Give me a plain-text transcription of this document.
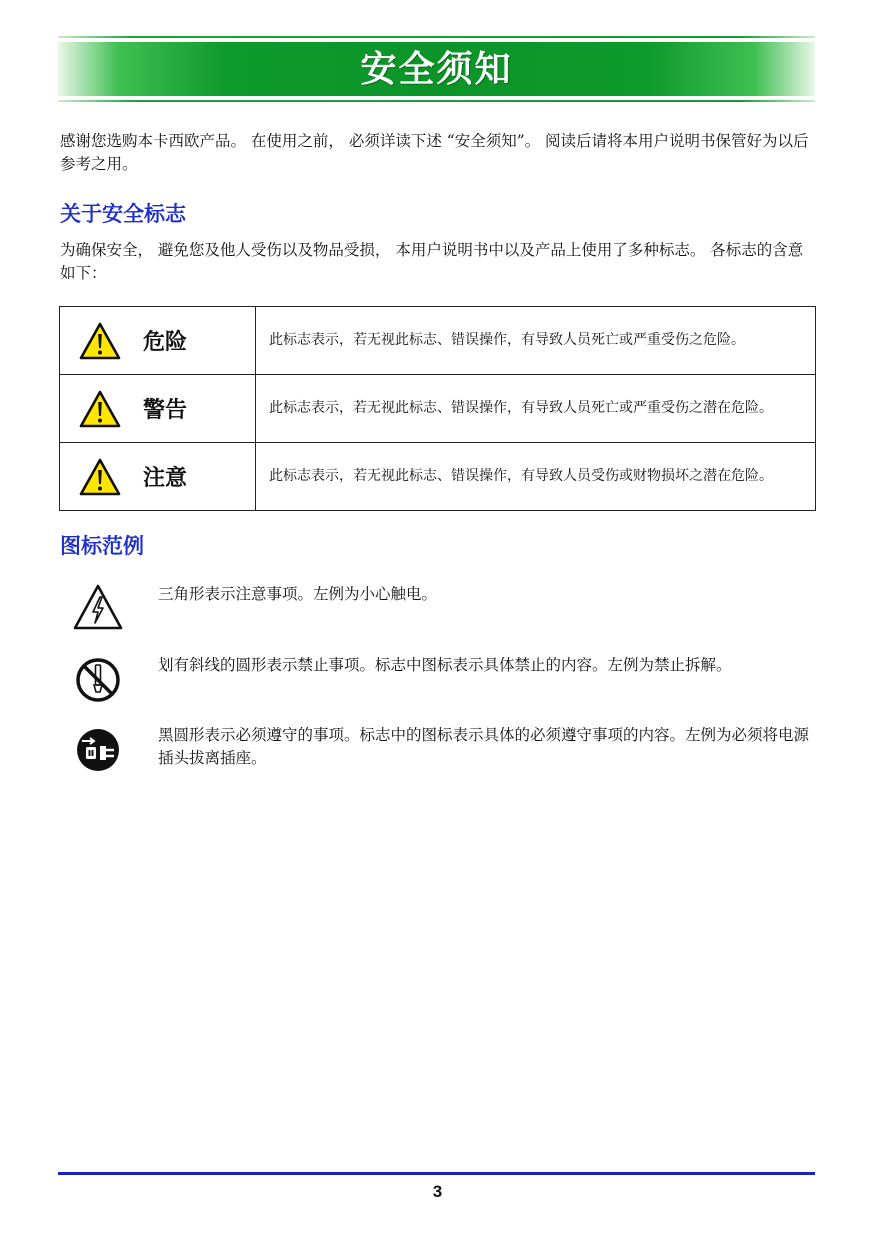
安全须知
感谢您选购本卡西欧产品。 在使用之前， 必须详读下述 “安全须知”。 阅读后请将本用户说明书保管好为以后参考之用。
关于安全标志
为确保安全， 避免您及他人受伤以及物品受损， 本用户说明书中以及产品上使用了多种标志。 各标志的含意如下：
危险	此标志表示，若无视此标志、错误操作，有导致人员死亡或严重受伤之危险。

警告	此标志表示，若无视此标志、错误操作，有导致人员死亡或严重受伤之潜在危险。

注意	此标志表示，若无视此标志、错误操作，有导致人员受伤或财物损坏之潜在危险。
图标范例
三角形表示注意事项。左例为小心触电。
划有斜线的圆形表示禁止事项。标志中图标表示具体禁止的内容。左例为禁止拆解。
黑圆形表示必须遵守的事项。标志中的图标表示具体的必须遵守事项的内容。左例为必须将电源插头拔离插座。
3
